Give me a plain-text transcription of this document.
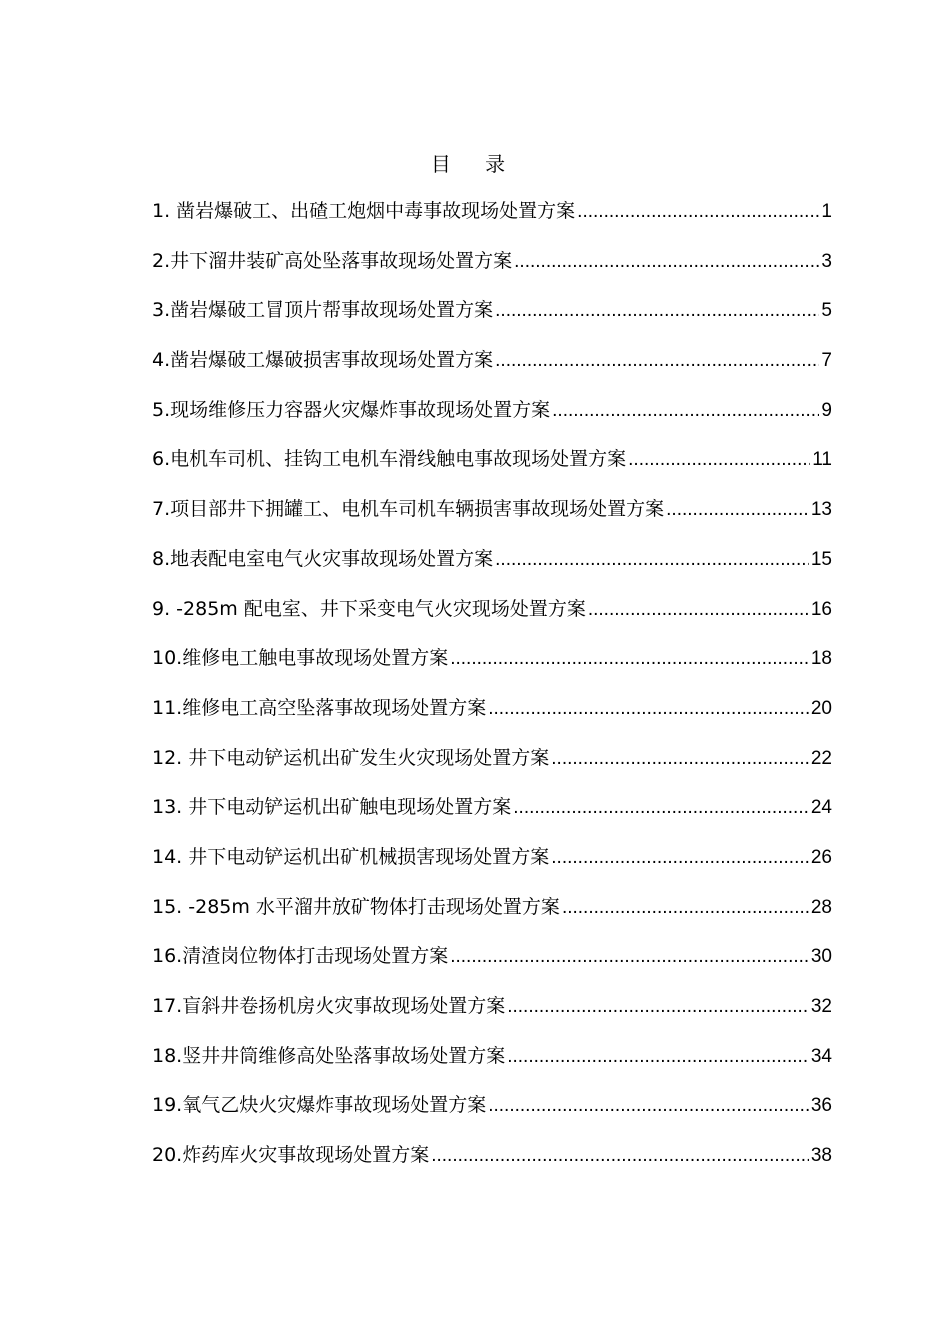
目 录
1. 凿岩爆破工、出碴工炮烟中毒事故现场处置方案 .....	1
2.井下溜井装矿高处坠落事故现场处置方案 .....	3
3.凿岩爆破工冒顶片帮事故现场处置方案 .....	5
4.凿岩爆破工爆破损害事故现场处置方案 .....	7
5.现场维修压力容器火灾爆炸事故现场处置方案 .....	9
6.电机车司机、挂钩工电机车滑线触电事故现场处置方案 .....	11
7.项目部井下拥罐工、电机车司机车辆损害事故现场处置方案 .....	13
8.地表配电室电气火灾事故现场处置方案 .....	15
9. -285m 配电室、井下采变电气火灾现场处置方案 .....	16
10.维修电工触电事故现场处置方案 .....	18
11.维修电工高空坠落事故现场处置方案 .....	20
12. 井下电动铲运机出矿发生火灾现场处置方案 .....	22
13. 井下电动铲运机出矿触电现场处置方案 .....	24
14. 井下电动铲运机出矿机械损害现场处置方案 .....	26
15. -285m 水平溜井放矿物体打击现场处置方案 .....	28
16.清渣岗位物体打击现场处置方案 .....	30
17.盲斜井卷扬机房火灾事故现场处置方案 .....	32
18.竖井井筒维修高处坠落事故场处置方案 .....	34
19.氧气乙炔火灾爆炸事故现场处置方案 .....	36
20.炸药库火灾事故现场处置方案 .....	38
